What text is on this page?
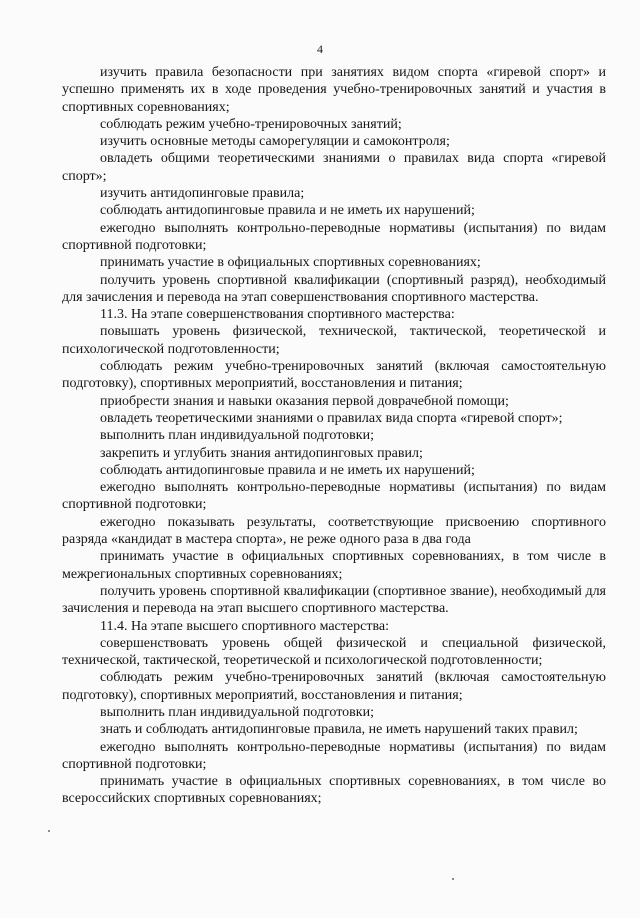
4

изучить правила безопасности при занятиях видом спорта «гиревой спорт» и успешно применять их в ходе проведения учебно-тренировочных занятий и участия в спортивных соревнованиях;

соблюдать режим учебно-тренировочных занятий;

изучить основные методы саморегуляции и самоконтроля;

овладеть общими теоретическими знаниями о правилах вида спорта «гиревой спорт»;

изучить антидопинговые правила;

соблюдать антидопинговые правила и не иметь их нарушений;

ежегодно выполнять контрольно-переводные нормативы (испытания) по видам спортивной подготовки;

принимать участие в официальных спортивных соревнованиях;

получить уровень спортивной квалификации (спортивный разряд), необходимый для зачисления и перевода на этап совершенствования спортивного мастерства.

11.3. На этапе совершенствования спортивного мастерства:

повышать уровень физической, технической, тактической, теоретической и психологической подготовленности;

соблюдать режим учебно-тренировочных занятий (включая самостоятельную подготовку), спортивных мероприятий, восстановления и питания;

приобрести знания и навыки оказания первой доврачебной помощи;

овладеть теоретическими знаниями о правилах вида спорта «гиревой спорт»;

выполнить план индивидуальной подготовки;

закрепить и углубить знания антидопинговых правил;

соблюдать антидопинговые правила и не иметь их нарушений;

ежегодно выполнять контрольно-переводные нормативы (испытания) по видам спортивной подготовки;

ежегодно показывать результаты, соответствующие присвоению спортивного разряда «кандидат в мастера спорта», не реже одного раза в два года

принимать участие в официальных спортивных соревнованиях, в том числе в межрегиональных спортивных соревнованиях;

получить уровень спортивной квалификации (спортивное звание), необходимый для зачисления и перевода на этап высшего спортивного мастерства.

11.4. На этапе высшего спортивного мастерства:

совершенствовать уровень общей физической и специальной физической, технической, тактической, теоретической и психологической подготовленности;

соблюдать режим учебно-тренировочных занятий (включая самостоятельную подготовку), спортивных мероприятий, восстановления и питания;

выполнить план индивидуальной подготовки;

знать и соблюдать антидопинговые правила, не иметь нарушений таких правил;

ежегодно выполнять контрольно-переводные нормативы (испытания) по видам спортивной подготовки;

принимать участие в официальных спортивных соревнованиях, в том числе во всероссийских спортивных соревнованиях;
